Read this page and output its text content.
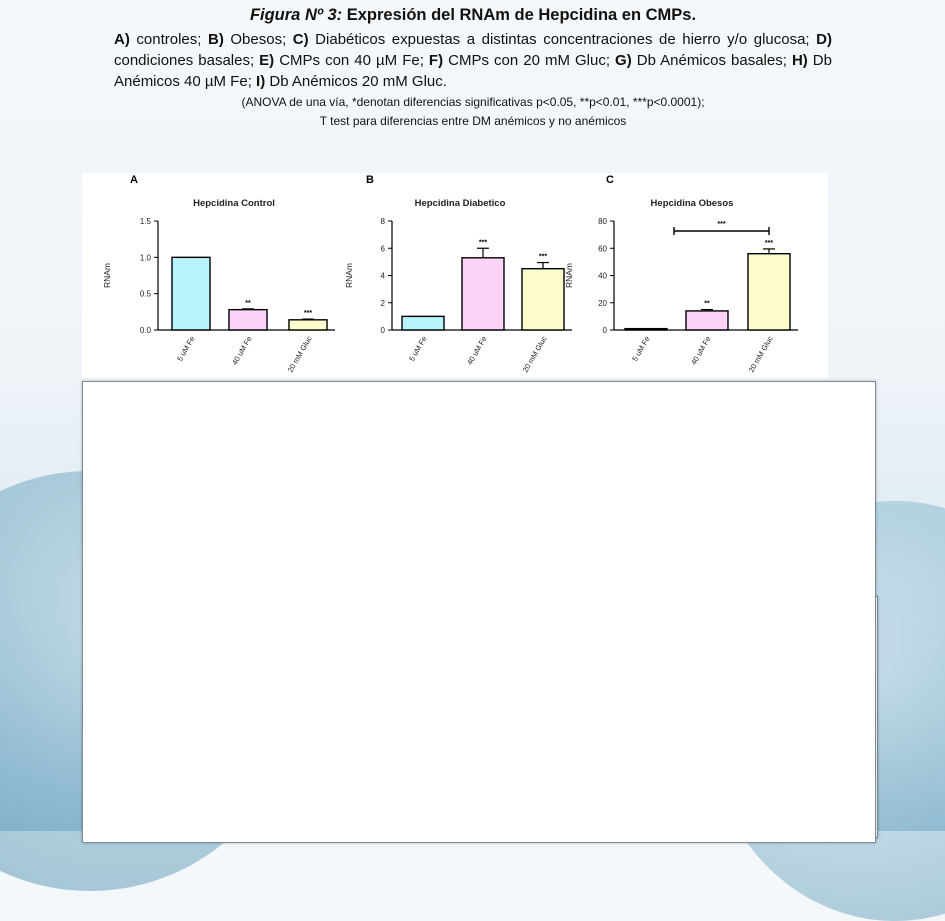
Figura Nº 3: Expresión del RNAm de Hepcidina en CMPs.
A) controles; B) Obesos; C) Diabéticos expuestas a distintas concentraciones de hierro y/o glucosa; D) condiciones basales; E) CMPs con 40 µM Fe; F) CMPs con 20 mM Gluc; G) Db Anémicos basales; H) Db Anémicos 40 µM Fe; I) Db Anémicos 20 mM Gluc.
(ANOVA de una vía, *denotan diferencias significativas p<0.05, **p<0.01, ***p<0.0001);
T test para diferencias entre DM anémicos y no anémicos
A
Hepcidina Control
RNAm
0.0
0.5
1.0
1.5
5 uM Fe
**
40 uM Fe
***
20 mM Gluc
B
Hepcidina Diabetico
RNAm
0
2
4
6
8
5 uM Fe
***
40 uM Fe
***
20 mM Gluc
C
Hepcidina Obesos
RNAm
0
20
40
60
80
5 uM Fe
**
40 uM Fe
***
20 mM Gluc
***
